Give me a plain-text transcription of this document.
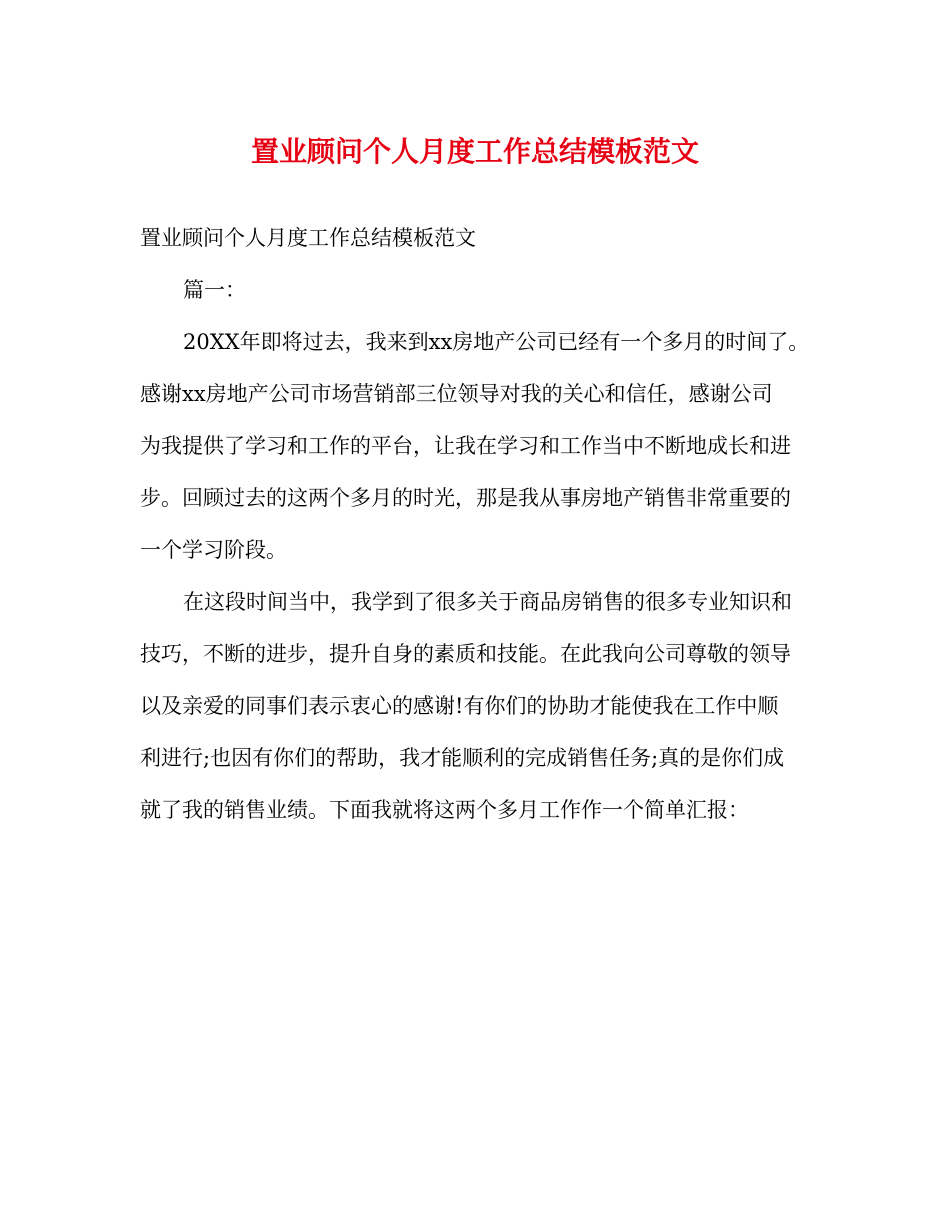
置业顾问个人月度工作总结模板范文
置业顾问个人月度工作总结模板范文
篇一：
20XX年即将过去，我来到xx房地产公司已经有一个多月的时间了。
感谢xx房地产公司市场营销部三位领导对我的关心和信任，感谢公司
为我提供了学习和工作的平台，让我在学习和工作当中不断地成长和进
步。回顾过去的这两个多月的时光，那是我从事房地产销售非常重要的
一个学习阶段。
在这段时间当中，我学到了很多关于商品房销售的很多专业知识和
技巧，不断的进步，提升自身的素质和技能。在此我向公司尊敬的领导
以及亲爱的同事们表示衷心的感谢!有你们的协助才能使我在工作中顺
利进行;也因有你们的帮助，我才能顺利的完成销售任务;真的是你们成
就了我的销售业绩。下面我就将这两个多月工作作一个简单汇报：
